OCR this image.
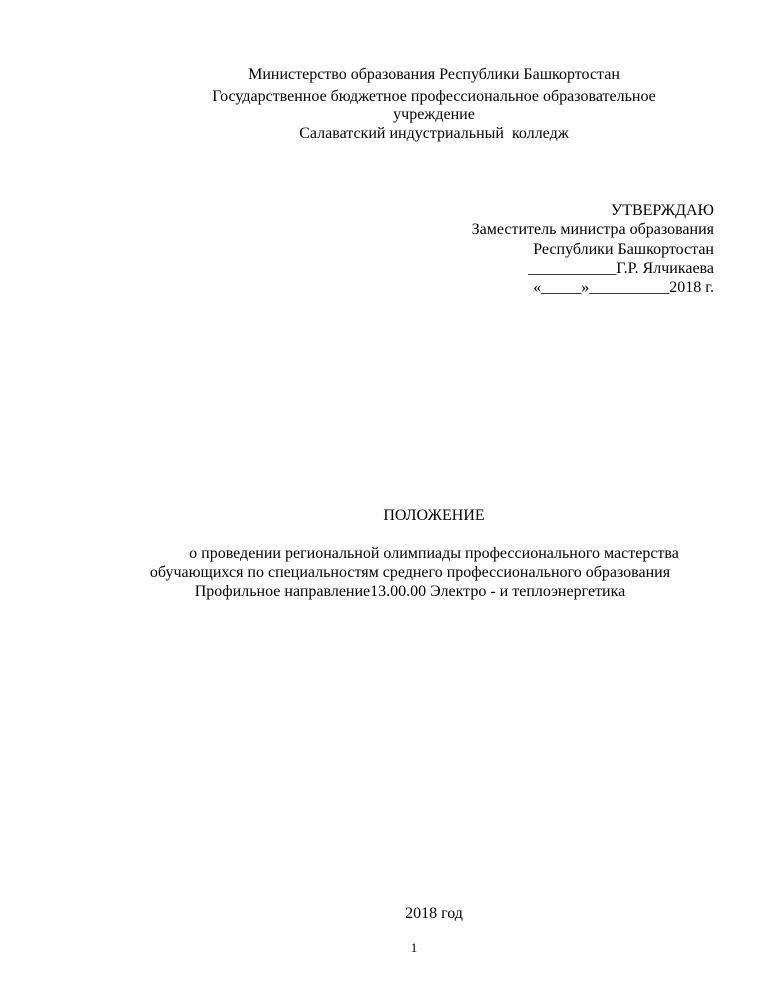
Министерство образования Республики Башкортостан
Государственное бюджетное профессиональное образовательное
учреждение
Салаватский индустриальный  колледж
УТВЕРЖДАЮ
Заместитель министра образования
Республики Башкортостан
___________Г.Р. Ялчикаева
«_____»__________2018 г.
ПОЛОЖЕНИЕ
о проведении региональной олимпиады профессионального мастерства
обучающихся по специальностям среднего профессионального образования
Профильное направление13.00.00 Электро - и теплоэнергетика
2018 год
1
